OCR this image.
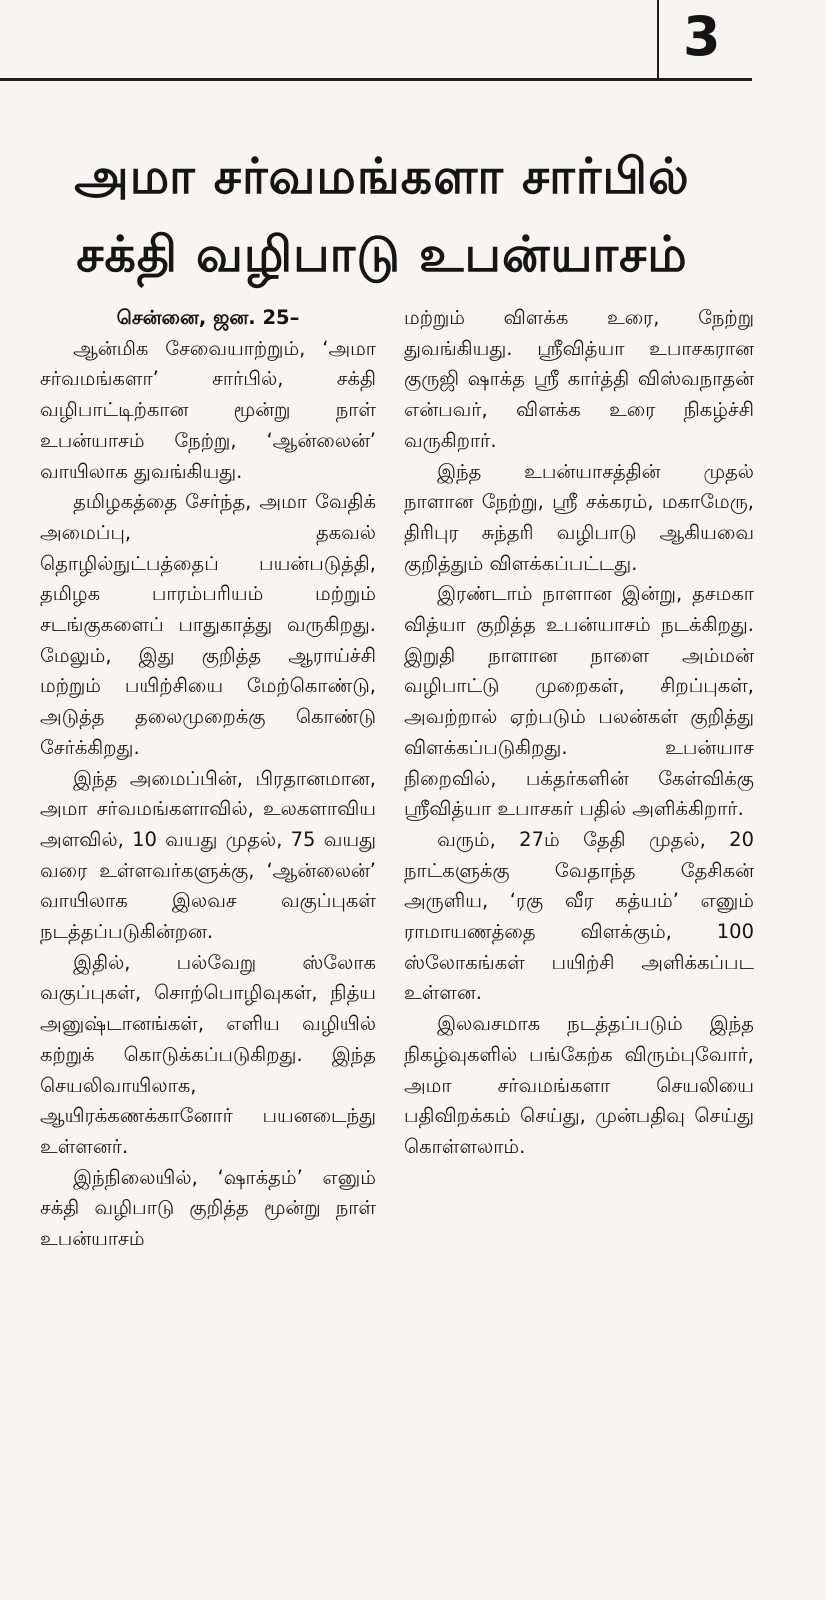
3
அமா சர்வமங்களா சார்பில்
சக்தி வழிபாடு உபன்யாசம்
சென்னை, ஜன. 25–

ஆன்மிக சேவையாற்றும், ‘அமா சர்வமங்களா’ சார்பில், சக்தி வழிபாட்டிற்கான மூன்று நாள் உபன்யாசம் நேற்று, ‘ஆன்லைன்’ வாயிலாக துவங்கியது.

தமிழகத்தை சேர்ந்த, அமா வேதிக் அமைப்பு, தகவல் தொழில்நுட்பத்தைப் பயன்படுத்தி, தமிழக பாரம்பரியம் மற்றும் சடங்குகளைப் பாதுகாத்து வருகிறது. மேலும், இது குறித்த ஆராய்ச்சி மற்றும் பயிற்சியை மேற்கொண்டு, அடுத்த தலைமுறைக்கு கொண்டு சேர்க்கிறது.

இந்த அமைப்பின், பிரதானமான, அமா சர்வமங்களாவில், உலகளாவிய அளவில், 10 வயது முதல், 75 வயது வரை உள்ளவர்களுக்கு, ‘ஆன்லைன்’ வாயிலாக இலவச வகுப்புகள் நடத்தப்படுகின்றன.

இதில், பல்வேறு ஸ்லோக வகுப்புகள், சொற்பொழிவுகள், நித்ய அனுஷ்டானங்கள், எளிய வழியில் கற்றுக் கொடுக்கப்படுகிறது. இந்த செயலிவாயிலாக, ஆயிரக்கணக்கானோர் பயனடைந்து உள்ளனர்.

இந்நிலையில், ‘ஷாக்தம்’ எனும் சக்தி வழிபாடு குறித்த மூன்று நாள் உபன்யாசம்

மற்றும் விளக்க உரை, நேற்று துவங்கியது. ஸ்ரீவித்யா உபாசகரான குருஜி ஷாக்த ஸ்ரீ கார்த்தி விஸ்வநாதன் என்பவர், விளக்க உரை நிகழ்ச்சி வருகிறார்.

இந்த உபன்யாசத்தின் முதல் நாளான நேற்று, ஸ்ரீ சக்கரம், மகாமேரு, திரிபுர சுந்தரி வழிபாடு ஆகியவை குறித்தும் விளக்கப்பட்டது.

இரண்டாம் நாளான இன்று, தசமகா வித்யா குறித்த உபன்யாசம் நடக்கிறது. இறுதி நாளான நாளை அம்மன் வழிபாட்டு முறைகள், சிறப்புகள், அவற்றால் ஏற்படும் பலன்கள் குறித்து விளக்கப்படுகிறது. உபன்யாச நிறைவில், பக்தர்களின் கேள்விக்கு ஸ்ரீவித்யா உபாசகர் பதில் அளிக்கிறார்.

வரும், 27ம் தேதி முதல், 20 நாட்களுக்கு வேதாந்த தேசிகன் அருளிய, ‘ரகு வீர கத்யம்’ எனும் ராமாயணத்தை விளக்கும், 100 ஸ்லோகங்கள் பயிற்சி அளிக்கப்பட உள்ளன.

இலவசமாக நடத்தப்படும் இந்த நிகழ்வுகளில் பங்கேற்க விரும்புவோர், அமா சர்வமங்களா செயலியை பதிவிறக்கம் செய்து, முன்பதிவு செய்து கொள்ளலாம்.
